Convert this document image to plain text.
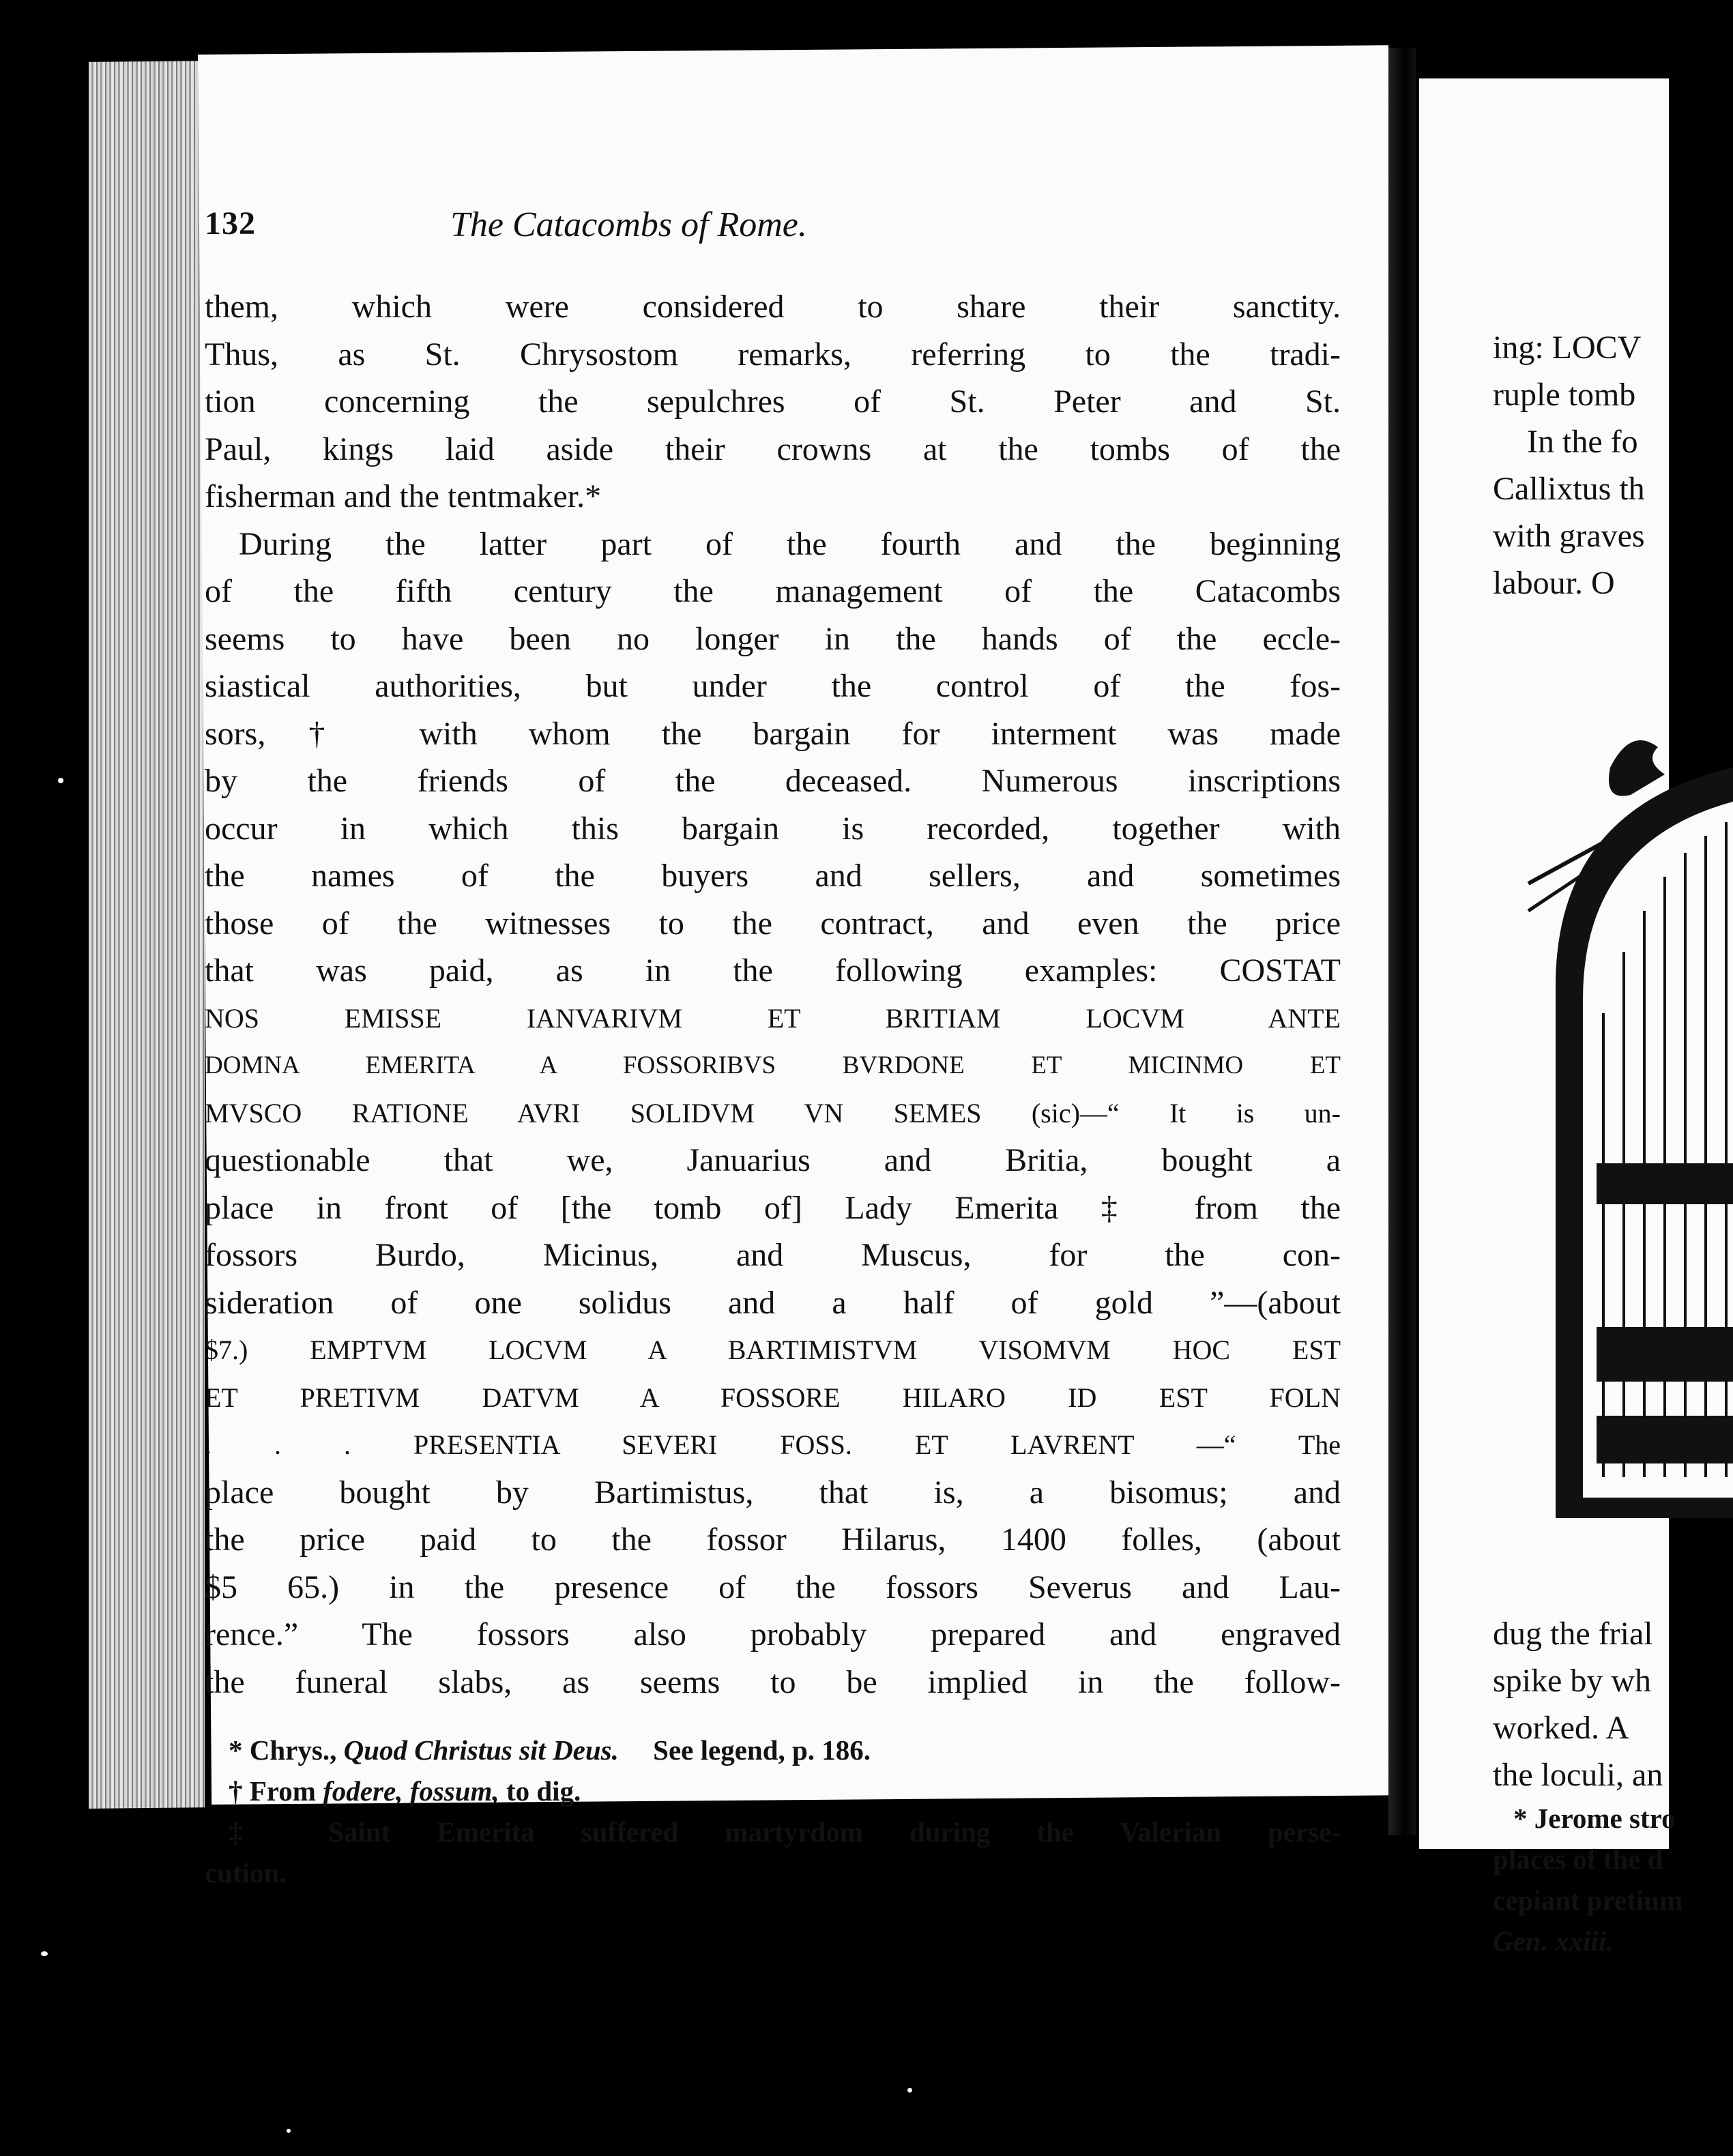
ing: LOCV
ruple tomb
In the fo
Callixtus th
with graves
labour. O
dug the frial
spike by wh
worked. A
the loculi, an
* Jerome stro
places of the d
cepiant pretium
Gen. xxiii.
132	The Catacombs of Rome.
them, which were considered to share their sanctity.
Thus, as St. Chrysostom remarks, referring to the tradi-
tion concerning the sepulchres of St. Peter and St.
Paul, kings laid aside their crowns at the tombs of the
fisherman and the tentmaker.*
During the latter part of the fourth and the beginning
of the fifth century the management of the Catacombs
seems to have been no longer in the hands of the eccle-
siastical authorities, but under the control of the fos-
sors,† with whom the bargain for interment was made
by the friends of the deceased. Numerous inscriptions
occur in which this bargain is recorded, together with
the names of the buyers and sellers, and sometimes
those of the witnesses to the contract, and even the price
that was paid, as in the following examples: COSTAT
NOS EMISSE IANVARIVM ET BRITIAM LOCVM ANTE
DOMNA EMERITA A FOSSORIBVS BVRDONE ET MICINMO ET
MVSCO RATIONE AVRI SOLIDVM VN SEMES (sic)—“ It is un-
questionable that we, Januarius and Britia, bought a
place in front of [the tomb of] Lady Emerita ‡ from the
fossors Burdo, Micinus, and Muscus, for the con-
sideration of one solidus and a half of gold ”—(about
$7.) EMPTVM LOCVM A BARTIMISTVM VISOMVM HOC EST
ET PRETIVM DATVM A FOSSORE HILARO ID EST FOLN
. . . PRESENTIA SEVERI FOSS. ET LAVRENT —“ The
place bought by Bartimistus, that is, a bisomus; and
the price paid to the fossor Hilarus, 1400 folles, (about
$5 65.) in the presence of the fossors Severus and Lau-
rence.” The fossors also probably prepared and engraved
the funeral slabs, as seems to be implied in the follow-
* Chrys., Quod Christus sit Deus. See legend, p. 186.
† From fodere, fossum, to dig.
‡ Saint Emerita suffered martyrdom during the Valerian perse-
cution.
